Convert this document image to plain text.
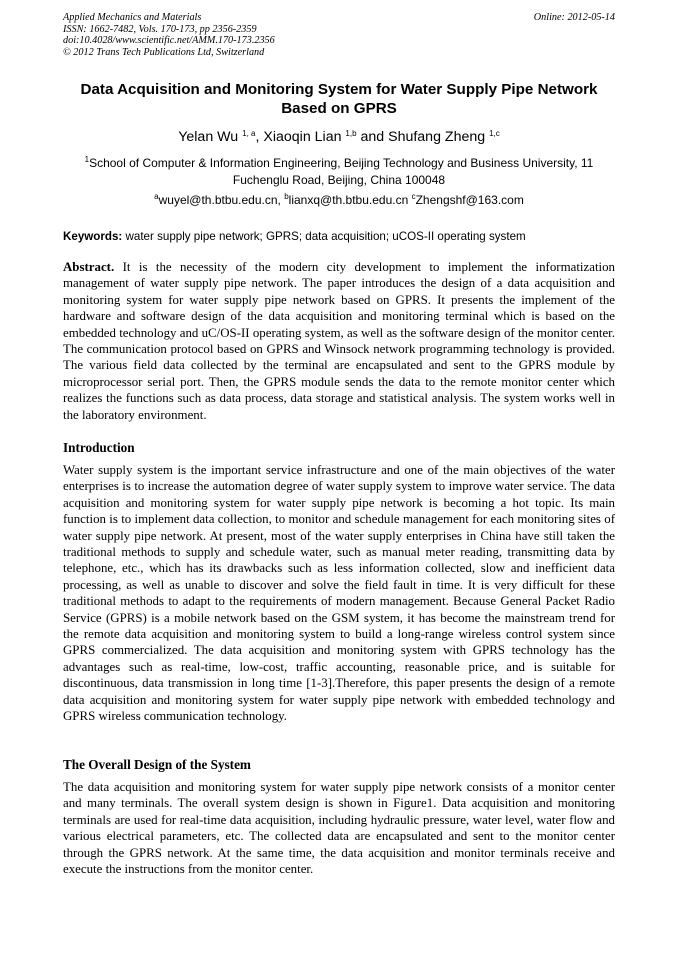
Applied Mechanics and Materials
ISSN: 1662-7482, Vols. 170-173, pp 2356-2359
doi:10.4028/www.scientific.net/AMM.170-173.2356
© 2012 Trans Tech Publications Ltd, Switzerland
Online: 2012-05-14
Data Acquisition and Monitoring System for Water Supply Pipe Network Based on GPRS
Yelan Wu $^{1, a}$, Xiaoqin Lian $^{1,b}$ and Shufang Zheng $^{1,c}$
$^1$School of Computer & Information Engineering, Beijing Technology and Business University, 11 Fuchenglu Road, Beijing, China 100048
$^a$wuyel@th.btbu.edu.cn, $^b$lianxq@th.btbu.edu.cn $^c$Zhengshf@163.com
Keywords: water supply pipe network; GPRS; data acquisition; uCOS-II operating system
Abstract. It is the necessity of the modern city development to implement the informatization management of water supply pipe network. The paper introduces the design of a data acquisition and monitoring system for water supply pipe network based on GPRS. It presents the implement of the hardware and software design of the data acquisition and monitoring terminal which is based on the embedded technology and uC/OS-II operating system, as well as the software design of the monitor center. The communication protocol based on GPRS and Winsock network programming technology is provided. The various field data collected by the terminal are encapsulated and sent to the GPRS module by microprocessor serial port. Then, the GPRS module sends the data to the remote monitor center which realizes the functions such as data process, data storage and statistical analysis. The system works well in the laboratory environment.
Introduction
Water supply system is the important service infrastructure and one of the main objectives of the water enterprises is to increase the automation degree of water supply system to improve water service. The data acquisition and monitoring system for water supply pipe network is becoming a hot topic. Its main function is to implement data collection, to monitor and schedule management for each monitoring sites of water supply pipe network. At present, most of the water supply enterprises in China have still taken the traditional methods to supply and schedule water, such as manual meter reading, transmitting data by telephone, etc., which has its drawbacks such as less information collected, slow and inefficient data processing, as well as unable to discover and solve the field fault in time. It is very difficult for these traditional methods to adapt to the requirements of modern management. Because General Packet Radio Service (GPRS) is a mobile network based on the GSM system, it has become the mainstream trend for the remote data acquisition and monitoring system to build a long-range wireless control system since GPRS commercialized. The data acquisition and monitoring system with GPRS technology has the advantages such as real-time, low-cost, traffic accounting, reasonable price, and is suitable for discontinuous, data transmission in long time [1-3].Therefore, this paper presents the design of a remote data acquisition and monitoring system for water supply pipe network with embedded technology and GPRS wireless communication technology.
The Overall Design of the System
The data acquisition and monitoring system for water supply pipe network consists of a monitor center and many terminals. The overall system design is shown in Figure1. Data acquisition and monitoring terminals are used for real-time data acquisition, including hydraulic pressure, water level, water flow and various electrical parameters, etc. The collected data are encapsulated and sent to the monitor center through the GPRS network. At the same time, the data acquisition and monitor terminals receive and execute the instructions from the monitor center.
